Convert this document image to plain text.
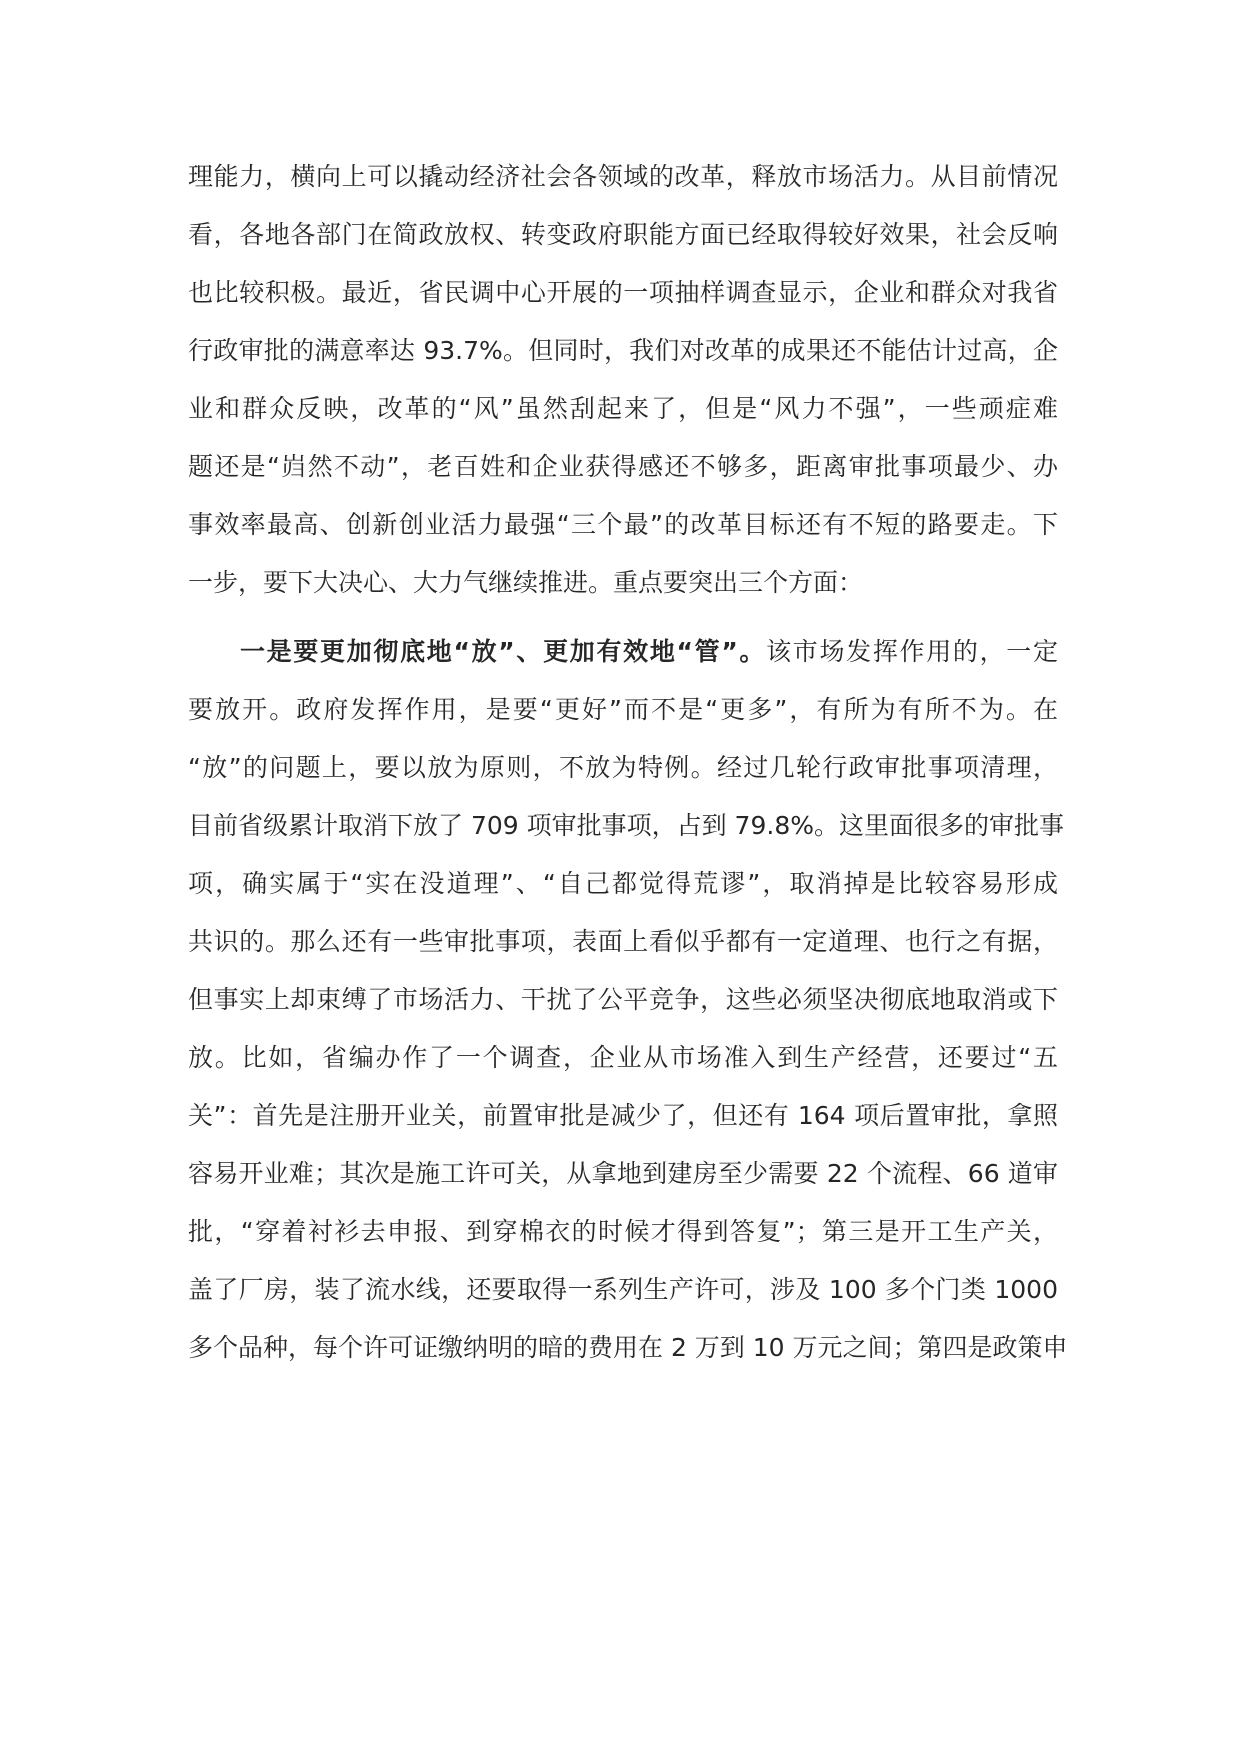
理能力，横向上可以撬动经济社会各领域的改革，释放市场活力。从目前情况
看，各地各部门在简政放权、转变政府职能方面已经取得较好效果，社会反响
也比较积极。最近，省民调中心开展的一项抽样调查显示，企业和群众对我省
行政审批的满意率达 93.7%。但同时，我们对改革的成果还不能估计过高，企
业和群众反映，改革的“风”虽然刮起来了，但是“风力不强”，一些顽症难
题还是“岿然不动”，老百姓和企业获得感还不够多，距离审批事项最少、办
事效率最高、创新创业活力最强“三个最”的改革目标还有不短的路要走。下
一步，要下大决心、大力气继续推进。重点要突出三个方面：
一是要更加彻底地“放”、更加有效地“管”。该市场发挥作用的，一定
要放开。政府发挥作用，是要“更好”而不是“更多”，有所为有所不为。在
“放”的问题上，要以放为原则，不放为特例。经过几轮行政审批事项清理，
目前省级累计取消下放了 709 项审批事项，占到 79.8%。这里面很多的审批事
项，确实属于“实在没道理”、“自己都觉得荒谬”，取消掉是比较容易形成
共识的。那么还有一些审批事项，表面上看似乎都有一定道理、也行之有据，
但事实上却束缚了市场活力、干扰了公平竞争，这些必须坚决彻底地取消或下
放。比如，省编办作了一个调查，企业从市场准入到生产经营，还要过“五
关”：首先是注册开业关，前置审批是减少了，但还有 164 项后置审批，拿照
容易开业难；其次是施工许可关，从拿地到建房至少需要 22 个流程、66 道审
批，“穿着衬衫去申报、到穿棉衣的时候才得到答复”；第三是开工生产关，
盖了厂房，装了流水线，还要取得一系列生产许可，涉及 100 多个门类 1000
多个品种，每个许可证缴纳明的暗的费用在 2 万到 10 万元之间；第四是政策申
